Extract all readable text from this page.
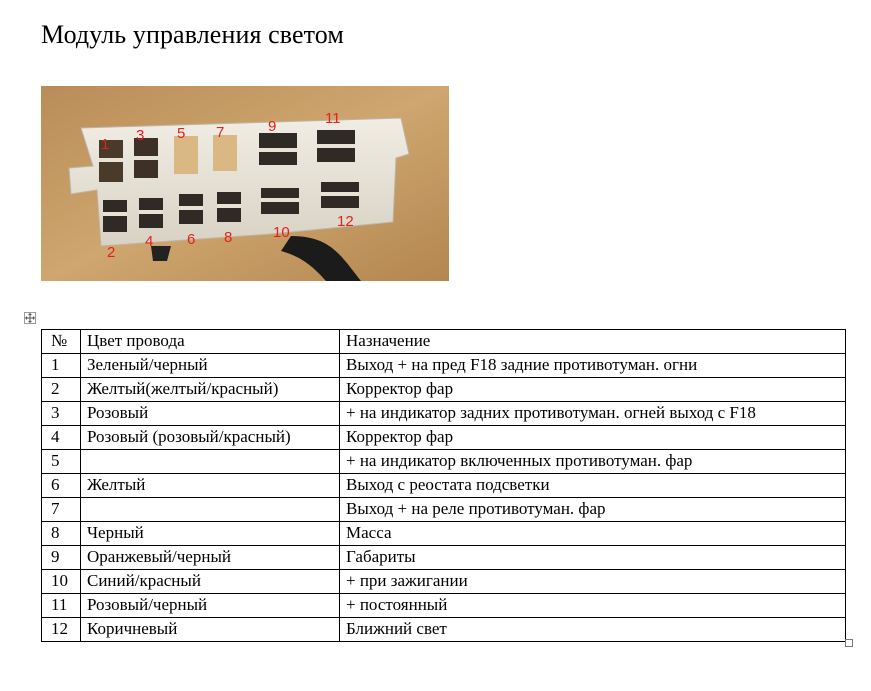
Модуль управления светом
1
3 5 7	9	11
2
4 6 8	10
12
№	Цвет провода	Назначение
1	Зеленый/черный	Выход + на пред F18 задние противотуман. огни
2	Желтый(желтый/красный)	Корректор фар
3	Розовый	+ на индикатор задних противотуман. огней выход с F18
4	Розовый (розовый/красный)	Корректор фар
5		+ на индикатор включенных противотуман. фар
6	Желтый	Выход с реостата подсветки
7		Выход + на реле противотуман. фар
8	Черный	Масса
9	Оранжевый/черный	Габариты
10	Синий/красный	+ при зажигании
11	Розовый/черный	+ постоянный
12	Коричневый	Ближний свет
